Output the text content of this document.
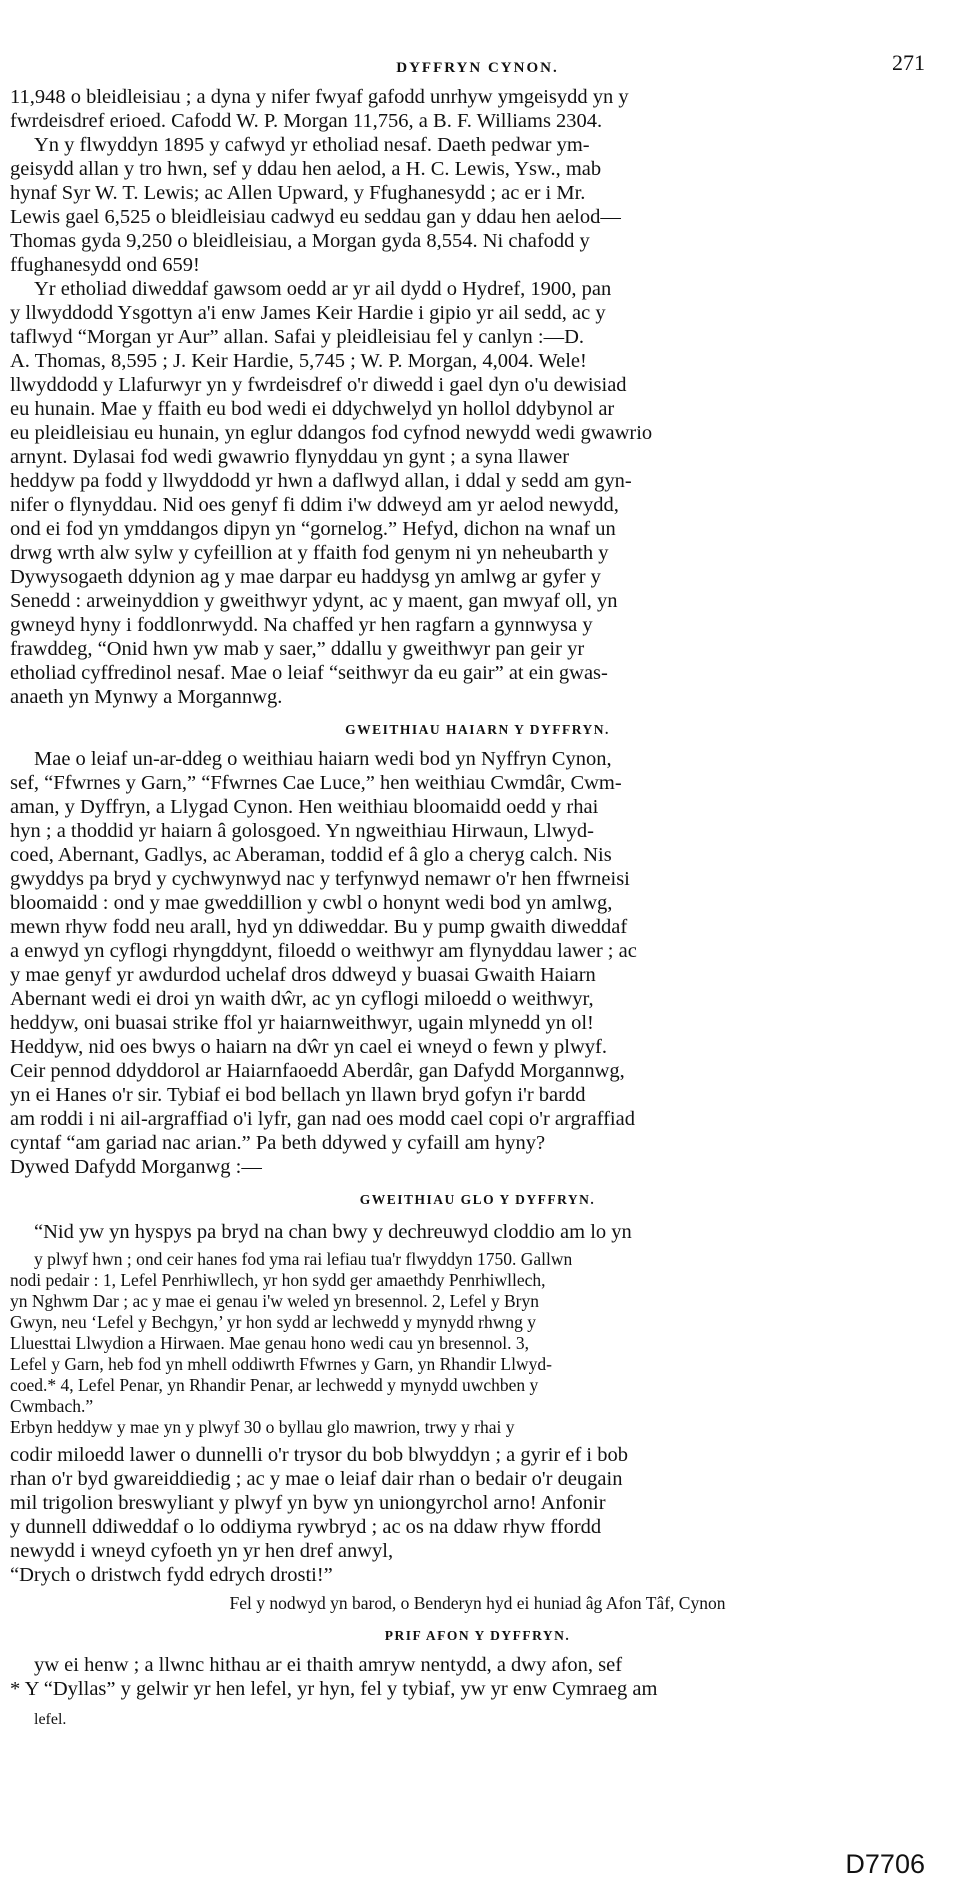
DYFFRYN CYNON.	271
11,948 o bleidleisiau ; a dyna y nifer fwyaf gafodd unrhyw ymgeisydd yn y
fwrdeisdref erioed. Cafodd W. P. Morgan 11,756, a B. F. Williams 2304.
Yn y flwyddyn 1895 y cafwyd yr etholiad nesaf. Daeth pedwar ym-
geisydd allan y tro hwn, sef y ddau hen aelod, a H. C. Lewis, Ysw., mab
hynaf Syr W. T. Lewis; ac Allen Upward, y Ffughanesydd ; ac er i Mr.
Lewis gael 6,525 o bleidleisiau cadwyd eu seddau gan y ddau hen aelod—
Thomas gyda 9,250 o bleidleisiau, a Morgan gyda 8,554. Ni chafodd y
ffughanesydd ond 659!
Yr etholiad diweddaf gawsom oedd ar yr ail dydd o Hydref, 1900, pan
y llwyddodd Ysgottyn a'i enw James Keir Hardie i gipio yr ail sedd, ac y
taflwyd “Morgan yr Aur” allan. Safai y pleidleisiau fel y canlyn :—D.
A. Thomas, 8,595 ; J. Keir Hardie, 5,745 ; W. P. Morgan, 4,004. Wele!
llwyddodd y Llafurwyr yn y fwrdeisdref o'r diwedd i gael dyn o'u dewisiad
eu hunain. Mae y ffaith eu bod wedi ei ddychwelyd yn hollol ddybynol ar
eu pleidleisiau eu hunain, yn eglur ddangos fod cyfnod newydd wedi gwawrio
arnynt. Dylasai fod wedi gwawrio flynyddau yn gynt ; a syna llawer
heddyw pa fodd y llwyddodd yr hwn a daflwyd allan, i ddal y sedd am gyn-
nifer o flynyddau. Nid oes genyf fi ddim i'w ddweyd am yr aelod newydd,
ond ei fod yn ymddangos dipyn yn “gornelog.” Hefyd, dichon na wnaf un
drwg wrth alw sylw y cyfeillion at y ffaith fod genym ni yn neheubarth y
Dywysogaeth ddynion ag y mae darpar eu haddysg yn amlwg ar gyfer y
Senedd : arweinyddion y gweithwyr ydynt, ac y maent, gan mwyaf oll, yn
gwneyd hyny i foddlonrwydd. Na chaffed yr hen ragfarn a gynnwysa y
frawddeg, “Onid hwn yw mab y saer,” ddallu y gweithwyr pan geir yr
etholiad cyffredinol nesaf. Mae o leiaf “seithwyr da eu gair” at ein gwas-
anaeth yn Mynwy a Morgannwg.
GWEITHIAU HAIARN Y DYFFRYN.
Mae o leiaf un-ar-ddeg o weithiau haiarn wedi bod yn Nyffryn Cynon,
sef, “Ffwrnes y Garn,” “Ffwrnes Cae Luce,” hen weithiau Cwmdâr, Cwm-
aman, y Dyffryn, a Llygad Cynon. Hen weithiau bloomaidd oedd y rhai
hyn ; a thoddid yr haiarn â golosgoed. Yn ngweithiau Hirwaun, Llwyd-
coed, Abernant, Gadlys, ac Aberaman, toddid ef â glo a cheryg calch. Nis
gwyddys pa bryd y cychwynwyd nac y terfynwyd nemawr o'r hen ffwrneisi
bloomaidd : ond y mae gweddillion y cwbl o honynt wedi bod yn amlwg,
mewn rhyw fodd neu arall, hyd yn ddiweddar. Bu y pump gwaith diweddaf
a enwyd yn cyflogi rhyngddynt, filoedd o weithwyr am flynyddau lawer ; ac
y mae genyf yr awdurdod uchelaf dros ddweyd y buasai Gwaith Haiarn
Abernant wedi ei droi yn waith dŵr, ac yn cyflogi miloedd o weithwyr,
heddyw, oni buasai strike ffol yr haiarnweithwyr, ugain mlynedd yn ol!
Heddyw, nid oes bwys o haiarn na dŵr yn cael ei wneyd o fewn y plwyf.
Ceir pennod ddyddorol ar Haiarnfaoedd Aberdâr, gan Dafydd Morgannwg,
yn ei Hanes o'r sir. Tybiaf ei bod bellach yn llawn bryd gofyn i'r bardd
am roddi i ni ail-argraffiad o'i lyfr, gan nad oes modd cael copi o'r argraffiad
cyntaf “am gariad nac arian.” Pa beth ddywed y cyfaill am hyny?
Dywed Dafydd Morganwg :—
GWEITHIAU GLO Y DYFFRYN.
“Nid yw yn hyspys pa bryd na chan bwy y dechreuwyd cloddio am lo yn
y plwyf hwn ; ond ceir hanes fod yma rai lefiau tua'r flwyddyn 1750. Gallwn
nodi pedair : 1, Lefel Penrhiwllech, yr hon sydd ger amaethdy Penrhiwllech,
yn Nghwm Dar ; ac y mae ei genau i'w weled yn bresennol. 2, Lefel y Bryn
Gwyn, neu ‘Lefel y Bechgyn,’ yr hon sydd ar lechwedd y mynydd rhwng y
Lluesttai Llwydion a Hirwaen. Mae genau hono wedi cau yn bresennol. 3,
Lefel y Garn, heb fod yn mhell oddiwrth Ffwrnes y Garn, yn Rhandir Llwyd-
coed.* 4, Lefel Penar, yn Rhandir Penar, ar lechwedd y mynydd uwchben y
Cwmbach.”
Erbyn heddyw y mae yn y plwyf 30 o byllau glo mawrion, trwy y rhai y
codir miloedd lawer o dunnelli o'r trysor du bob blwyddyn ; a gyrir ef i bob
rhan o'r byd gwareiddiedig ; ac y mae o leiaf dair rhan o bedair o'r deugain
mil trigolion breswyliant y plwyf yn byw yn uniongyrchol arno! Anfonir
y dunnell ddiweddaf o lo oddiyma rywbryd ; ac os na ddaw rhyw ffordd
newydd i wneyd cyfoeth yn yr hen dref anwyl,
“Drych o dristwch fydd edrych drosti!”
Fel y nodwyd yn barod, o Benderyn hyd ei huniad âg Afon Tâf, Cynon
PRIF AFON Y DYFFRYN.
yw ei henw ; a llwnc hithau ar ei thaith amryw nentydd, a dwy afon, sef
* Y “Dyllas” y gelwir yr hen lefel, yr hyn, fel y tybiaf, yw yr enw Cymraeg am
lefel.
D7706
